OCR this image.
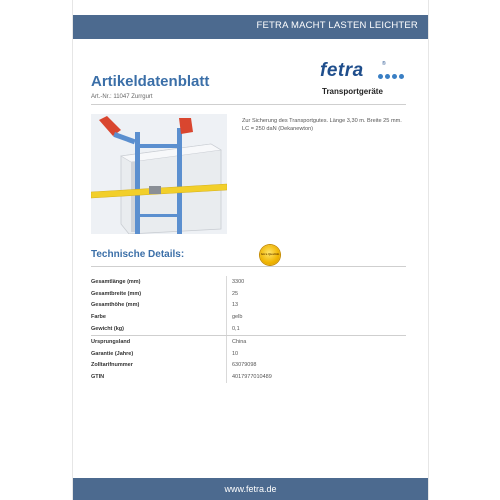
FETRA MACHT LASTEN LEICHTER
Artikeldatenblatt
Art.-Nr.: 11047 Zurrgurt
fetra	®
Transportgeräte
Zur Sicherung des Transportgutes. Länge 3,30 m. Breite 25 mm. LC = 250 daN (Dekanewton)
Technische Details:	fetra Qualität
Gesamtlänge (mm)	3300
Gesamtbreite (mm)	25
Gesamthöhe (mm)	13
Farbe	gelb
Gewicht (kg)	0,1
Ursprungsland	China
Garantie (Jahre)	10
Zolltarifnummer	63079098
GTIN	4017977010489
www.fetra.de
